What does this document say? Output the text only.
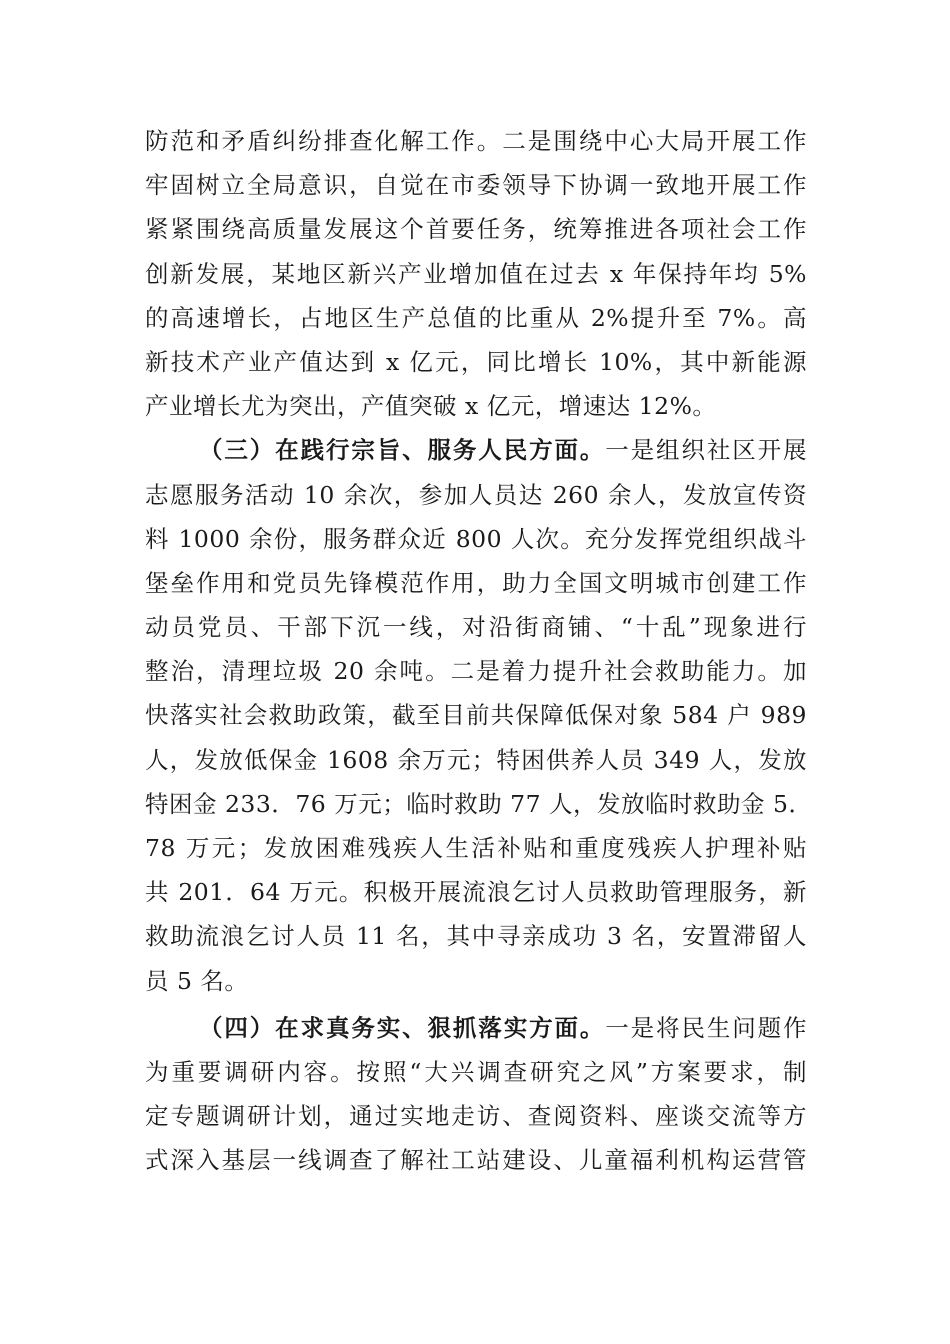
防范和矛盾纠纷排查化解工作。二是围绕中心大局开展工作
牢固树立全局意识，自觉在市委领导下协调一致地开展工作
紧紧围绕高质量发展这个首要任务，统筹推进各项社会工作
创新发展，某地区新兴产业增加值在过去 x 年保持年均 5%
的高速增长，占地区生产总值的比重从 2%提升至 7%。高
新技术产业产值达到 x 亿元，同比增长 10%，其中新能源
产业增长尤为突出，产值突破 x 亿元，增速达 12%。
（三）在践行宗旨、服务人民方面。一是组织社区开展
志愿服务活动 10 余次，参加人员达 260 余人，发放宣传资
料 1000 余份，服务群众近 800 人次。充分发挥党组织战斗
堡垒作用和党员先锋模范作用，助力全国文明城市创建工作
动员党员、干部下沉一线，对沿街商铺、“十乱”现象进行
整治，清理垃圾 20 余吨。二是着力提升社会救助能力。加
快落实社会救助政策，截至目前共保障低保对象 584 户 989
人，发放低保金 1608 余万元；特困供养人员 349 人，发放
特困金 233．76 万元；临时救助 77 人，发放临时救助金 5．
78 万元；发放困难残疾人生活补贴和重度残疾人护理补贴
共 201．64 万元。积极开展流浪乞讨人员救助管理服务，新
救助流浪乞讨人员 11 名，其中寻亲成功 3 名，安置滞留人
员 5 名。
（四）在求真务实、狠抓落实方面。一是将民生问题作
为重要调研内容。按照“大兴调查研究之风”方案要求，制
定专题调研计划，通过实地走访、查阅资料、座谈交流等方
式深入基层一线调查了解社工站建设、儿童福利机构运营管
